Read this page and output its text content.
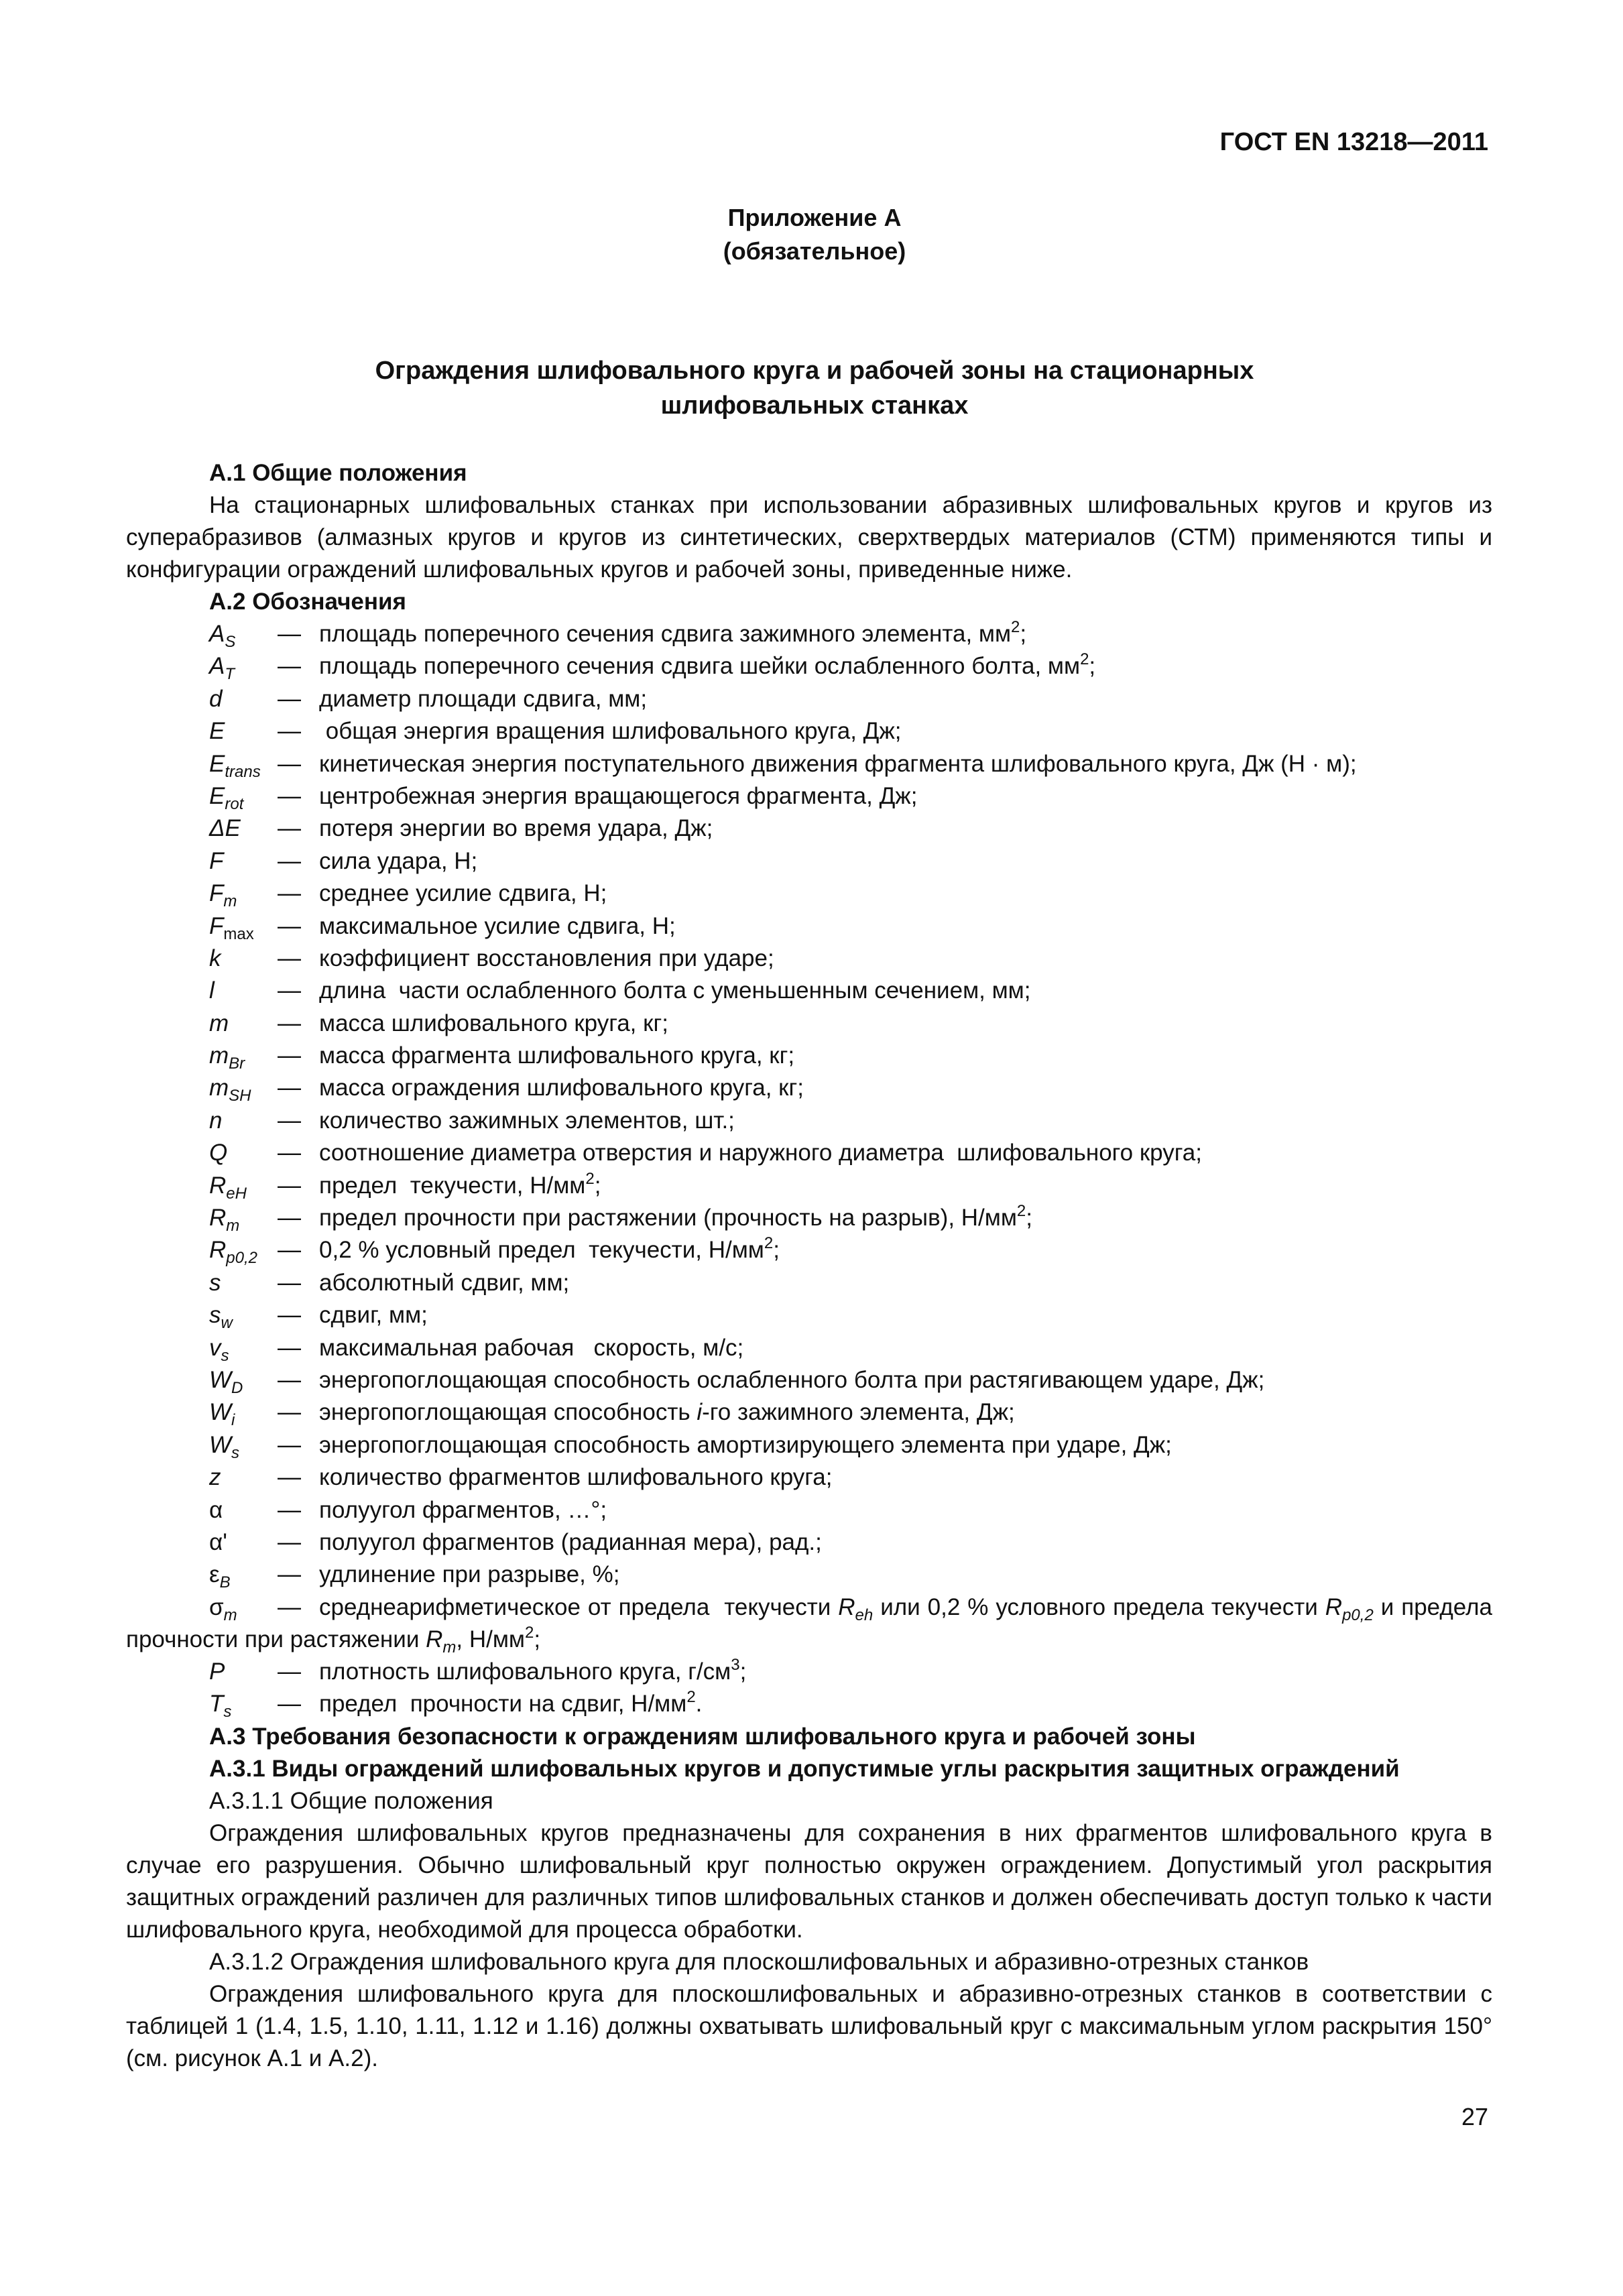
ГОСТ EN 13218—2011
Приложение А
(обязательное)
Ограждения шлифовального круга и рабочей зоны на стационарных
шлифовальных станках
А.1 Общие положения

На стационарных шлифовальных станках при использовании абразивных шлифовальных кругов и кругов из суперабразивов (алмазных кругов и кругов из синтетических, сверхтвердых материалов (СТМ) применяются типы и конфигурации ограждений шлифовальных кругов и рабочей зоны, приведенные ниже.

А.2 Обозначения
$A_S$	— площадь поперечного сечения сдвига зажимного элемента, $мм^2$;
$A_T$	— площадь поперечного сечения сдвига шейки ослабленного болта, $мм^2$;
d	— диаметр площади сдвига, мм;
E	— общая энергия вращения шлифовального круга, Дж;
$E_{trans}$ — кинетическая энергия поступательного движения фрагмента шлифовального круга, Дж (Н · м);
$E_{rot}$	— центробежная энергия вращающегося фрагмента, Дж;
ΔE	— потеря энергии во время удара, Дж;
F	— сила удара, Н;
$F_m$	— среднее усилие сдвига, Н;
$F_{max}$	— максимальное усилие сдвига, Н;
k	— коэффициент восстановления при ударе;
l	— длина  части ослабленного болта с уменьшенным сечением, мм;
m	— масса шлифовального круга, кг;
$m_{Br}$	— масса фрагмента шлифовального круга, кг;
$m_{SH}$	— масса ограждения шлифовального круга, кг;
n	— количество зажимных элементов, шт.;
Q	— соотношение диаметра отверстия и наружного диаметра  шлифовального круга;
$R_{eH}$	— предел  текучести, $Н/мм^2$;
$R_m$	— предел прочности при растяжении (прочность на разрыв), $Н/мм^2$;
$R_{p0,2}$ — 0,2 % условный предел  текучести, $Н/мм^2$;
s	— абсолютный сдвиг, мм;
$s_w$	— сдвиг, мм;
$v_s$	— максимальная рабочая   скорость, м/с;
$W_D$	— энергопоглощающая способность ослабленного болта при растягивающем ударе, Дж;
$W_i$	— энергопоглощающая способность i-го зажимного элемента, Дж;
$W_s$	— энергопоглощающая способность амортизирующего элемента при ударе, Дж;
z	— количество фрагментов шлифовального круга;
α	— полуугол фрагментов, …°;
α'	— полуугол фрагментов (радианная мера), рад.;
$\varepsilon_B$	— удлинение при разрыве, %;
$\sigma_m$ — среднеарифметическое от предела  текучести $R_{eh}$ или 0,2 % условного предела текучести $R_{p0,2}$ и предела прочности при растяжении $R_m$, $Н/мм^2$;
P	— плотность шлифовального круга, $г/см^3$;
$T_s$	— предел  прочности на сдвиг, $Н/мм^2$.
А.3 Требования безопасности к ограждениям шлифовального круга и рабочей зоны
А.3.1 Виды ограждений шлифовальных кругов и допустимые углы раскрытия защитных ограждений
А.3.1.1 Общие положения

Ограждения шлифовальных кругов предназначены для сохранения в них фрагментов шлифовального круга в случае его разрушения. Обычно шлифовальный круг полностью окружен ограждением. Допустимый угол раскрытия защитных ограждений различен для различных типов шлифовальных станков и должен обеспечивать доступ только к части шлифовального круга, необходимой для процесса обработки.

А.3.1.2 Ограждения шлифовального круга для плоскошлифовальных и абразивно-отрезных станков

Ограждения шлифовального круга для плоскошлифовальных и абразивно-отрезных станков в соответствии с таблицей 1 (1.4, 1.5, 1.10, 1.11, 1.12 и 1.16) должны охватывать шлифовальный круг с максимальным углом раскрытия 150° (см. рисунок А.1 и А.2).

27
